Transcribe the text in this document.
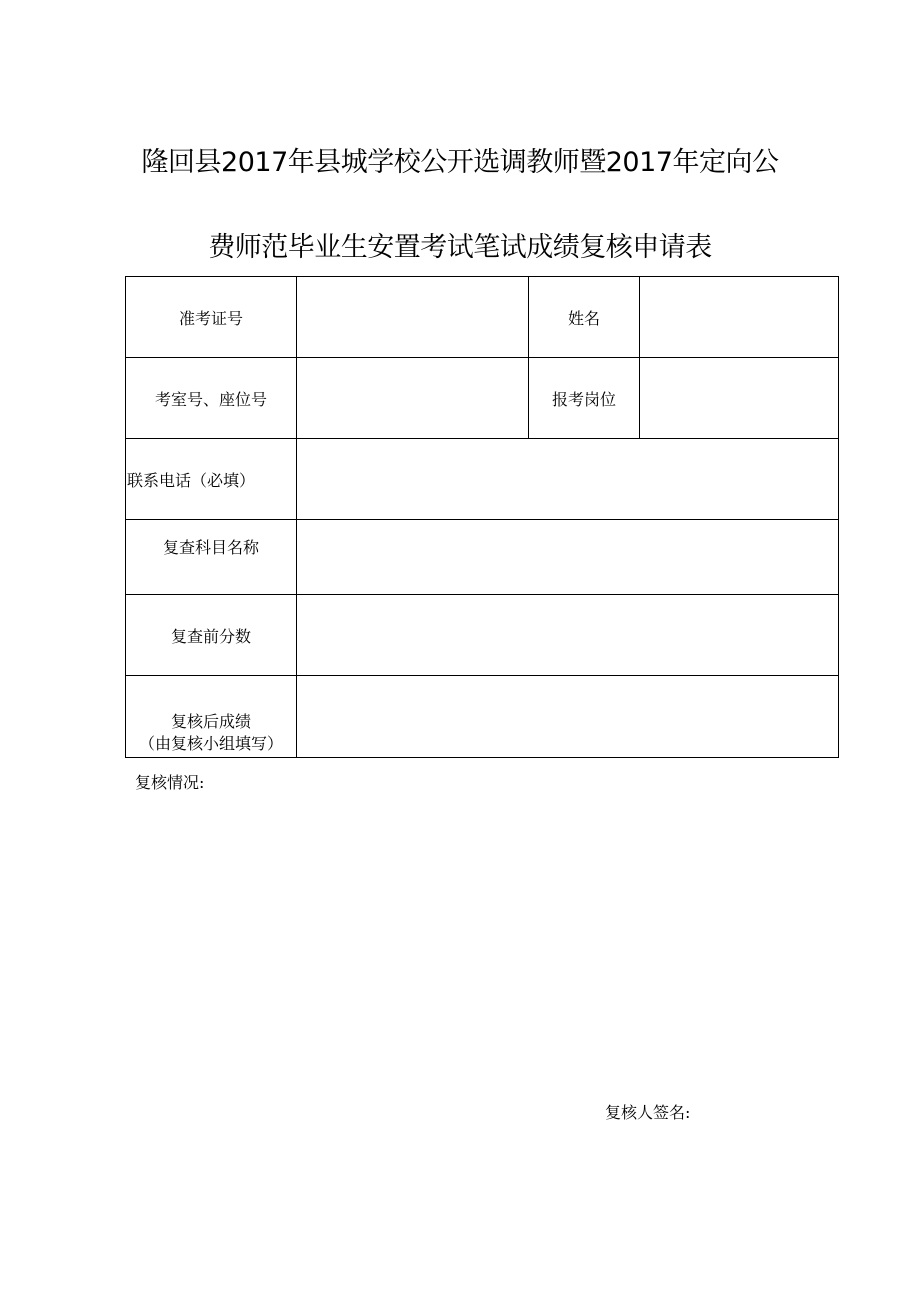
隆回县2017年县城学校公开选调教师暨2017年定向公
费师范毕业生安置考试笔试成绩复核申请表
准考证号		姓名	
考室号、座位号		报考岗位	
联系电话（必填）			
复查科目名称			
复查前分数			

复核后成绩
（由复核小组填写）			

复核情况:
复核人签名:
